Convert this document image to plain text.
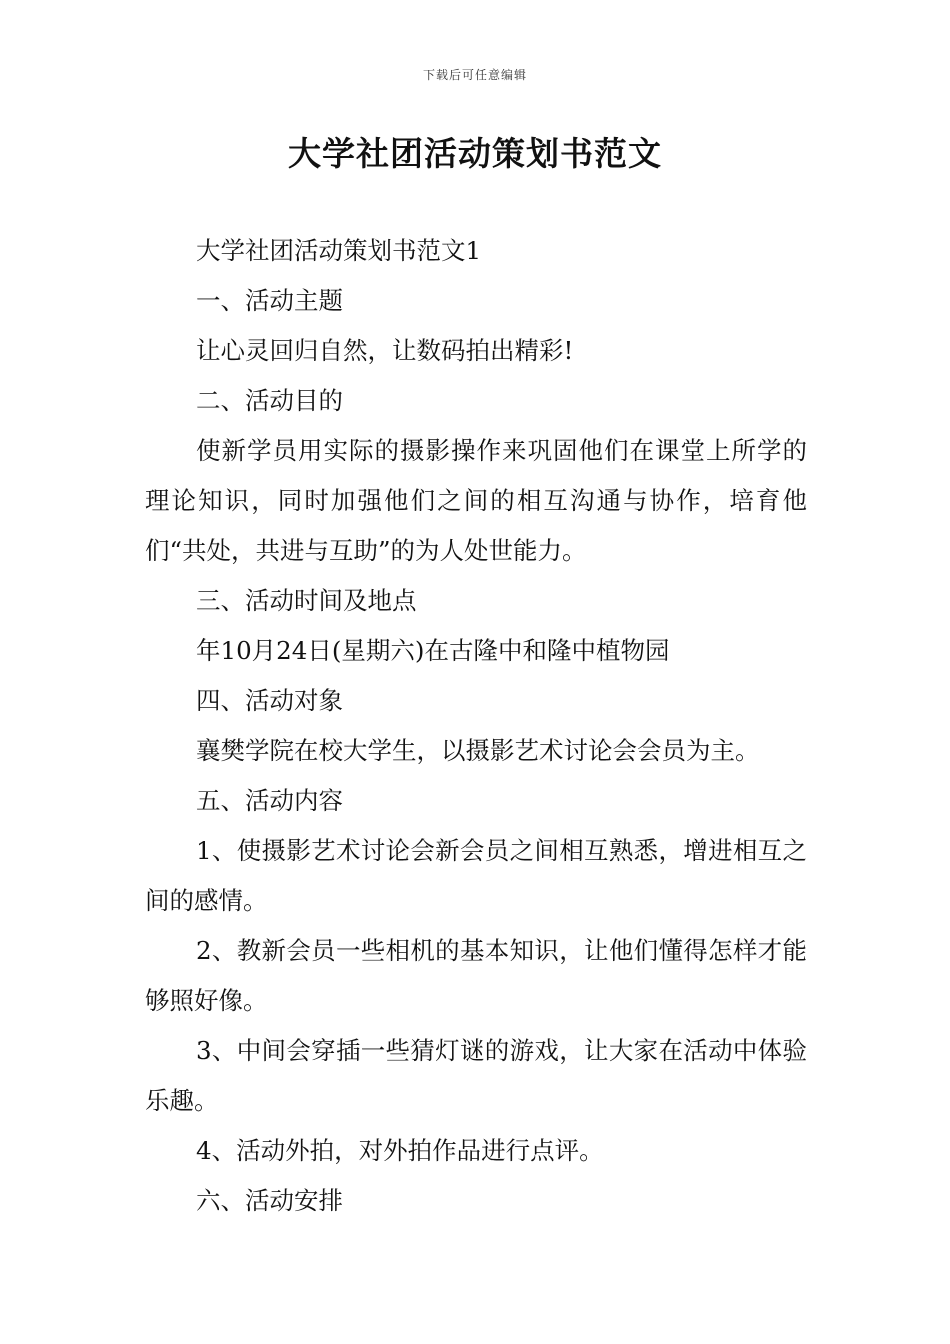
下载后可任意编辑
大学社团活动策划书范文

大学社团活动策划书范文1

一、活动主题

让心灵回归自然，让数码拍出精彩!

二、活动目的

使新学员用实际的摄影操作来巩固他们在课堂上所学的理论知识，同时加强他们之间的相互沟通与协作，培育他们“共处，共进与互助”的为人处世能力。

三、活动时间及地点

年10月24日(星期六)在古隆中和隆中植物园

四、活动对象

襄樊学院在校大学生，以摄影艺术讨论会会员为主。

五、活动内容

1、使摄影艺术讨论会新会员之间相互熟悉，增进相互之间的感情。

2、教新会员一些相机的基本知识，让他们懂得怎样才能够照好像。

3、中间会穿插一些猜灯谜的游戏，让大家在活动中体验乐趣。

4、活动外拍，对外拍作品进行点评。

六、活动安排
